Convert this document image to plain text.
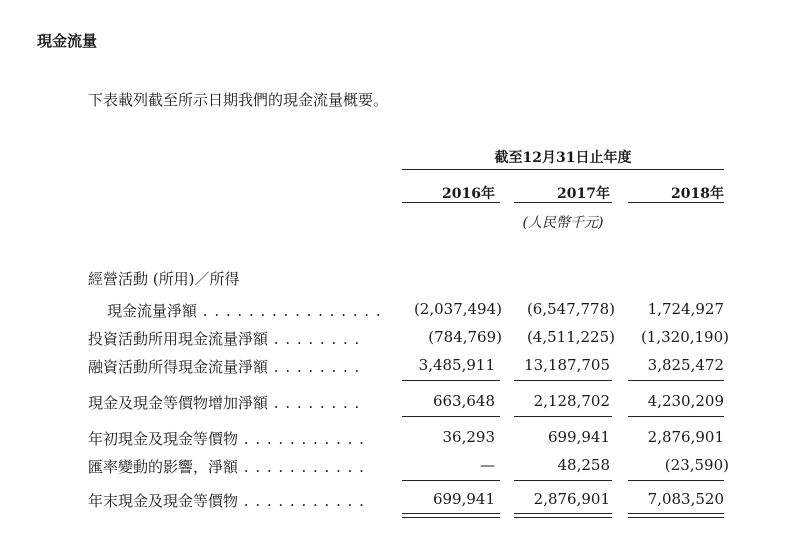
現金流量
下表載列截至所示日期我們的現金流量概要。
截至12月31日止年度
2016年	2017年	2018年
(人民幣千元)
經營活動 (所用)／所得
現金流量淨額 . . . . . . . . . . . . . . . .	(2,037,494)	(6,547,778)	1,724,927
投資活動所用現金流量淨額 . . . . . . . .	(784,769)	(4,511,225)	(1,320,190)
融資活動所得現金流量淨額 . . . . . . . .	3,485,911	13,187,705	3,825,472
現金及現金等價物增加淨額 . . . . . . . .	663,648	2,128,702	4,230,209
年初現金及現金等價物 . . . . . . . . . . .	36,293	699,941	2,876,901
匯率變動的影響，淨額 . . . . . . . . . . .	—	48,258	(23,590)
年末現金及現金等價物 . . . . . . . . . . .	699,941	2,876,901	7,083,520
